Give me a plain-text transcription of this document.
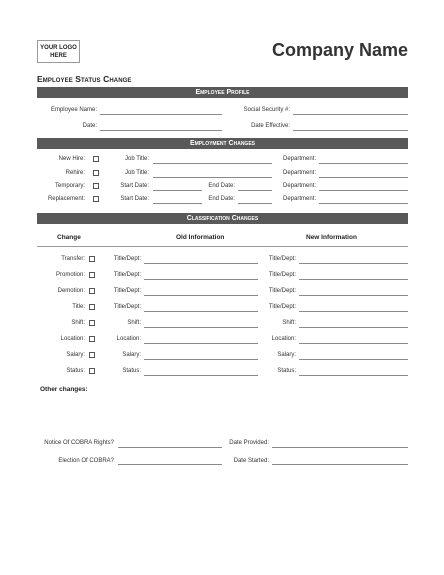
YOUR LOGO HERE	Company Name
Employee Status Change
Employee Profile
Employee Name:	Social Security #:
Date:	Date Effective:
Employment Changes
New Hire:	Job Title:	Department:
Rehire:	Job Title:	Department:
Temporary:	Start Date:	End Date:	Department:
Replacement:	Start Date:	End Date:	Department:
Classification Changes
Change	Old Information	New Information
Transfer:	Title/Dept:	Title/Dept:
Promotion:	Title/Dept:	Title/Dept:
Demotion:	Title/Dept:	Title/Dept:
Title:	Title/Dept:	Title/Dept:
Shift:	Shift:	Shift:
Location:	Location:	Location:
Salary:	Salary:	Salary:
Status:	Status:	Status:
Other changes:
Notice Of COBRA Rights?	Date Provided:
Election Of COBRA?	Date Started:
